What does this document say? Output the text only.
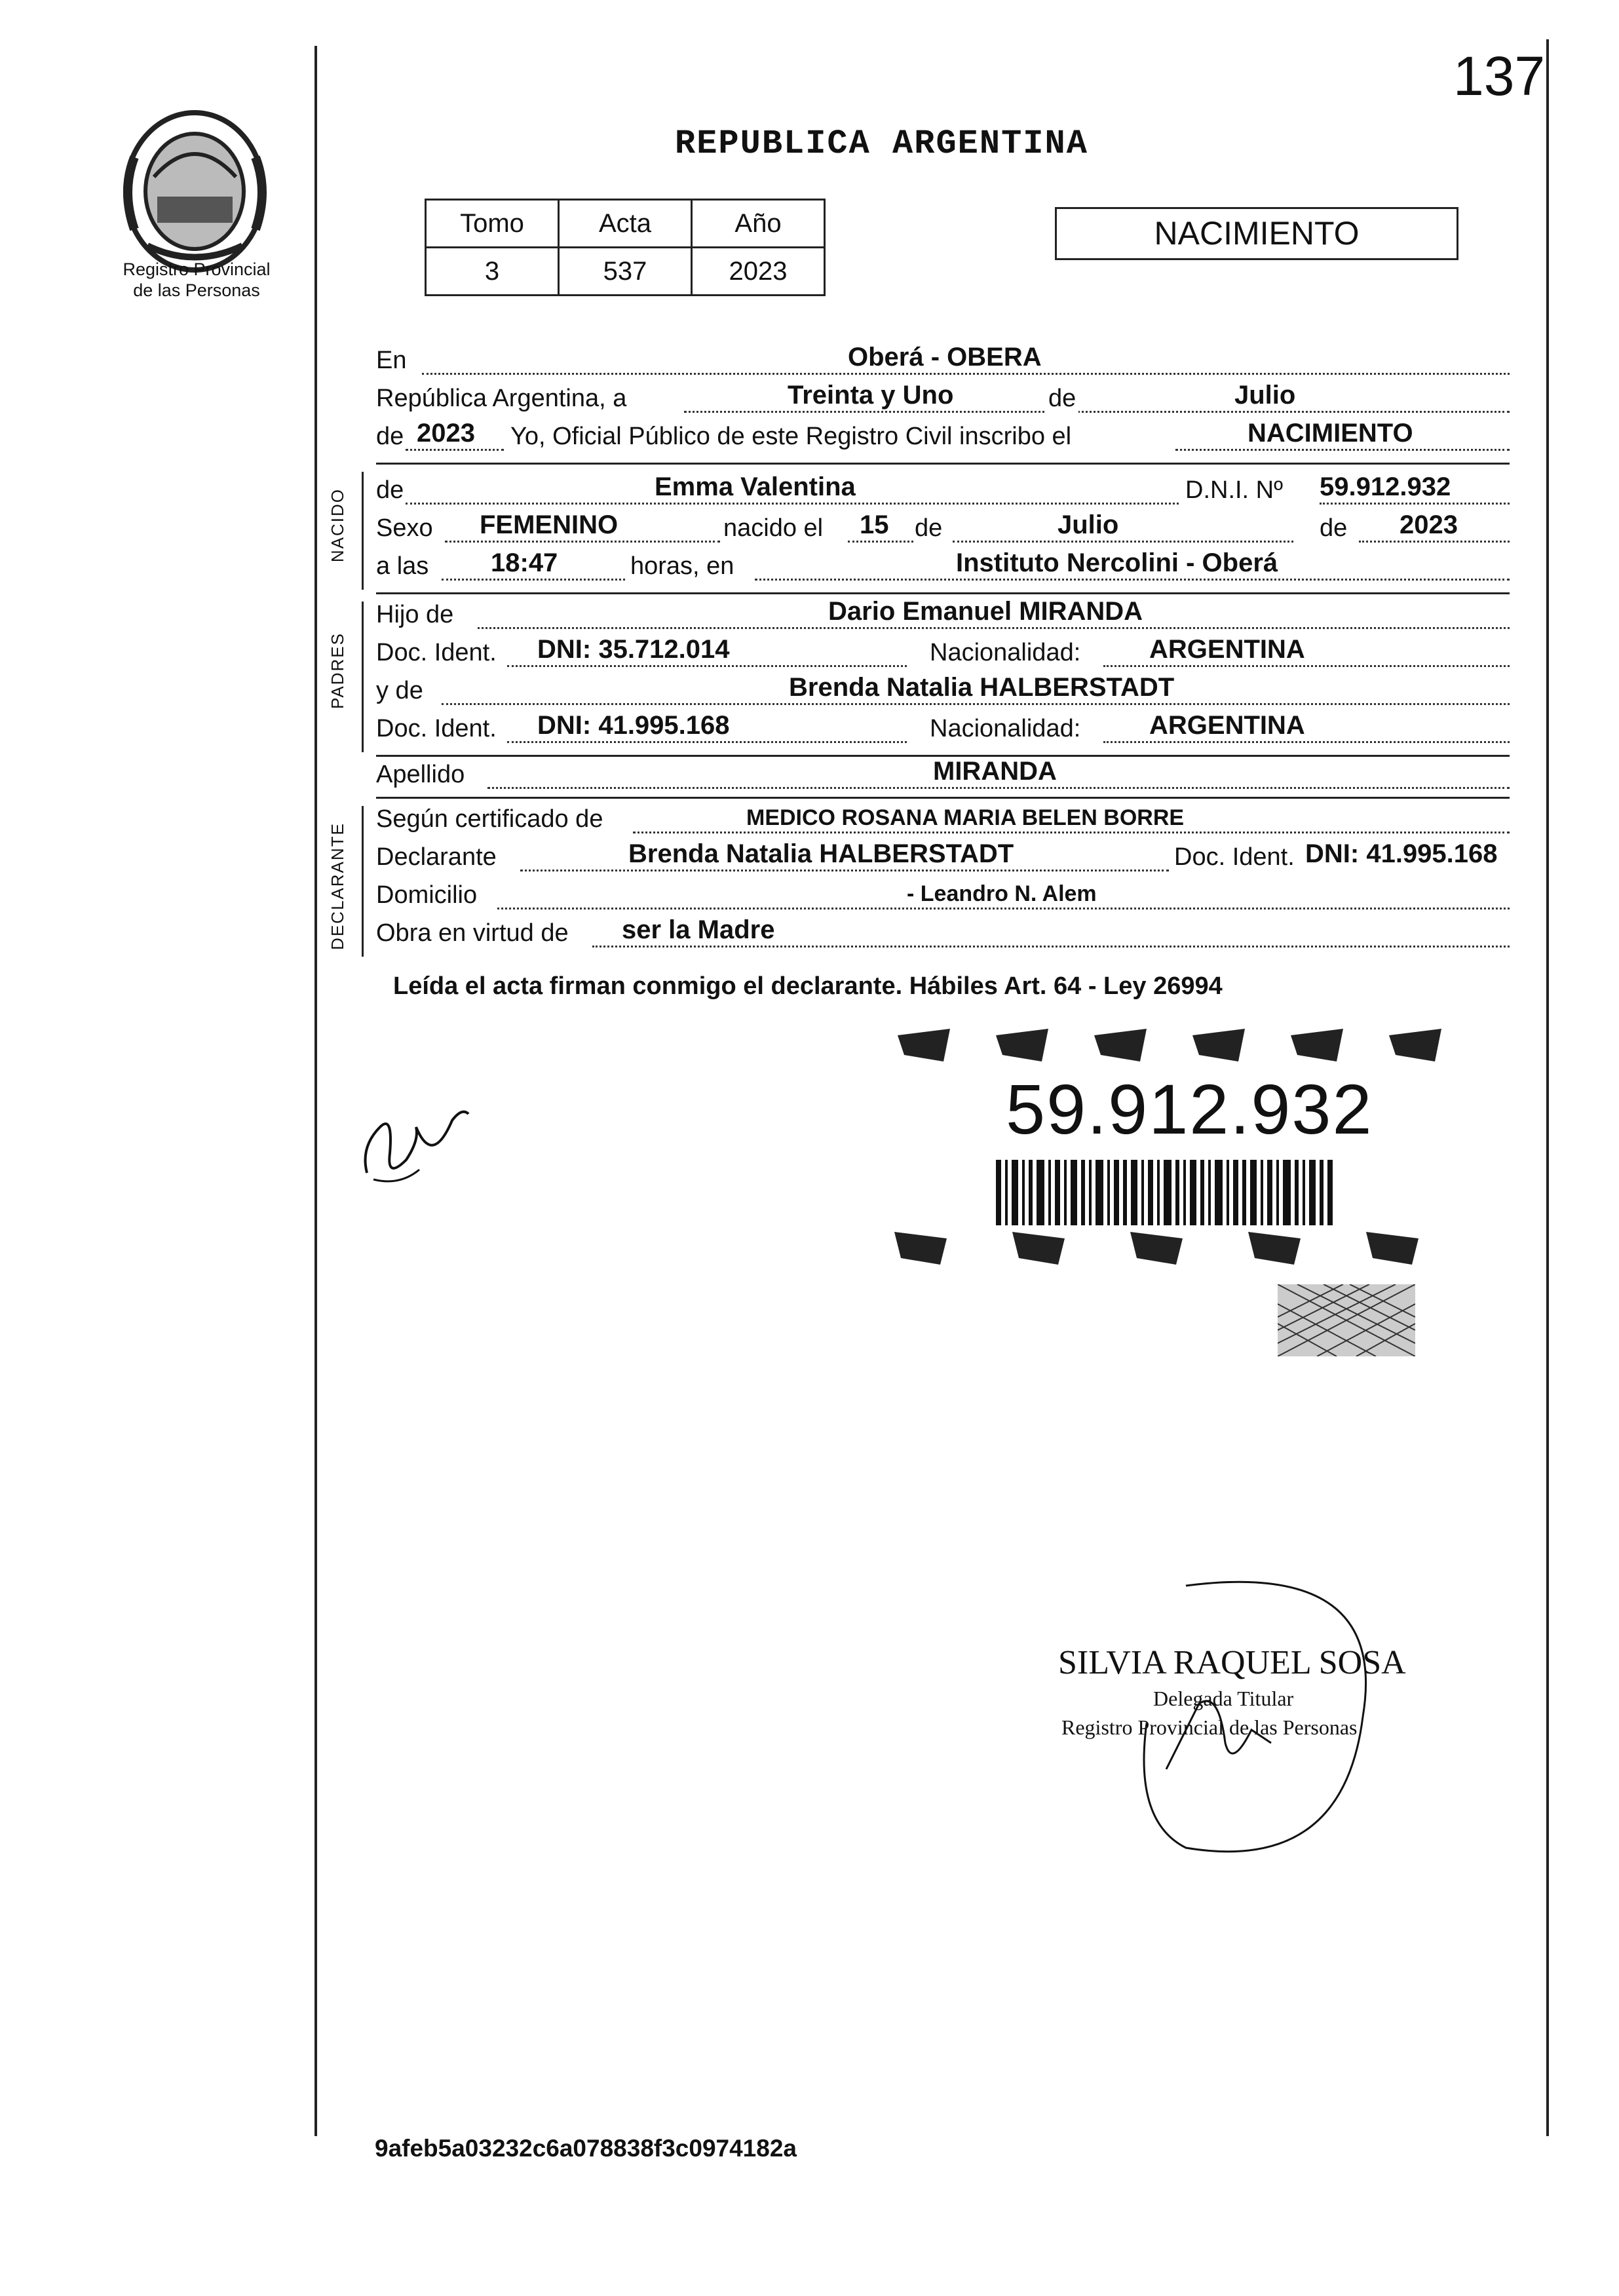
137
Registro Provincial
de las Personas
REPUBLICA ARGENTINA
Tomo	Acta	Año
3	537	2023
NACIMIENTO
En	Oberá - OBERA
República Argentina, a	Treinta y Uno	de	Julio
de 2023 Yo, Oficial Público de este Registro Civil inscribo el	NACIMIENTO
NACIDO de	Emma Valentina	D.N.I. Nº 59.912.932
Sexo FEMENINO	nacido el 15 de	Julio	de 2023
a las 18:47	horas, en	Instituto Nercolini - Oberá
PADRES
Hijo de	Dario Emanuel MIRANDA
Doc. Ident. DNI: 35.712.014	Nacionalidad:	ARGENTINA
y de	Brenda Natalia HALBERSTADT
Doc. Ident. DNI: 41.995.168	Nacionalidad:	ARGENTINA
Apellido	MIRANDA
DECLARANTE
Según certificado de	MEDICO ROSANA MARIA BELEN BORRE
Declarante	Brenda Natalia HALBERSTADT	Doc. Ident. DNI: 41.995.168
Domicilio	- Leandro N. Alem
Obra en virtud de ser la Madre
Leída el acta firman conmigo el declarante. Hábiles Art. 64 - Ley 26994
59.912.932
SILVIA RAQUEL SOSA
Delegada Titular
Registro Provincial de las Personas
9afeb5a03232c6a078838f3c0974182a
